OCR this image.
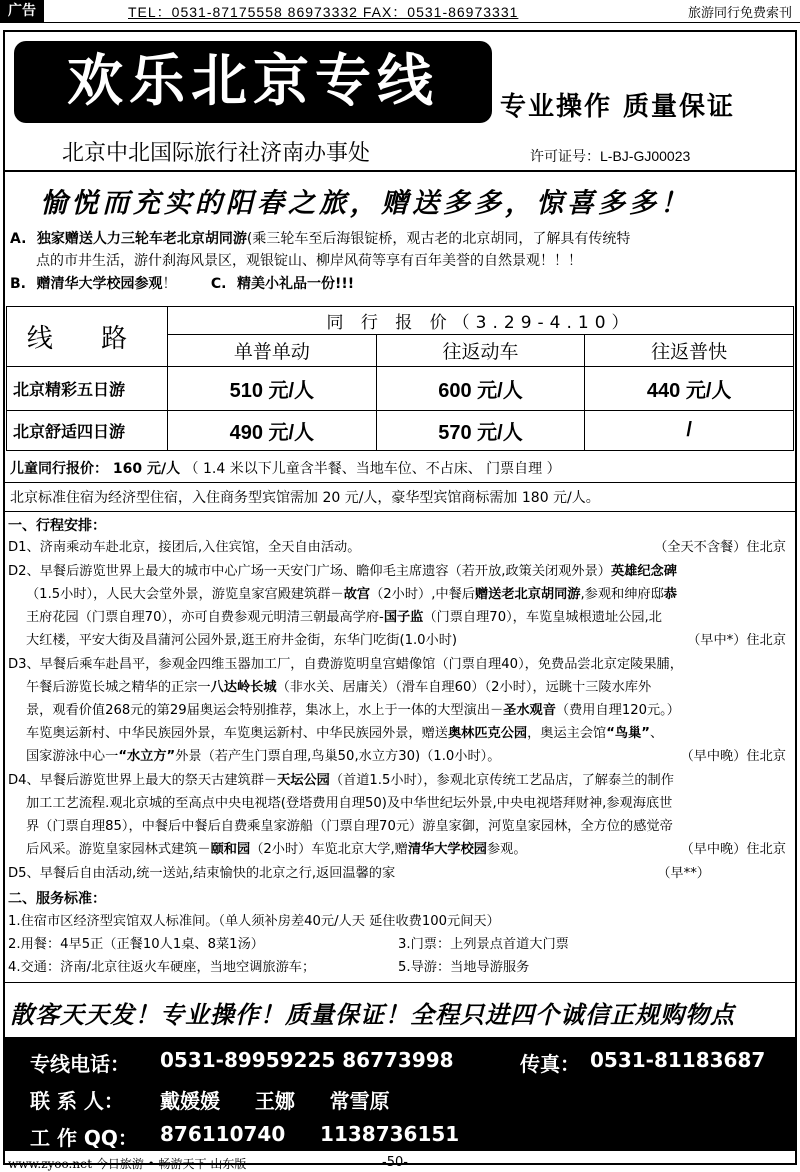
广告	TEL：0531-87175558 86973332 FAX：0531-86973331	旅游同行免费索刊
欢乐北京专线	专业操作 质量保证
北京中北国际旅行社济南办事处	许可证号：L-BJ-GJ00023
愉悦而充实的阳春之旅，赠送多多，惊喜多多！
A. 独家赠送人力三轮车老北京胡同游(乘三轮车至后海银锭桥，观古老的北京胡同，了解具有传统特
点的市井生活，游什刹海风景区，观银锭山、柳岸风荷等享有百年美誉的自然景观！！！
B. 赠清华大学校园参观！ C. 精美小礼品一份!!!
线 路	同 行 报 价（3.29-4.10）		
	单普单动	往返动车	往返普快
北京精彩五日游	510 元/人	600 元/人	440 元/人
北京舒适四日游	490 元/人	570 元/人	/
儿童同行报价： 160 元/人 （ 1.4 米以下儿童含半餐、当地车位、不占床、 门票自理 ）
北京标准住宿为经济型住宿，入住商务型宾馆需加 20 元/人，豪华型宾馆商标需加 180 元/人。
一、行程安排：
D1、济南乘动车赴北京，接团后,入住宾馆，全天自由活动。	（全天不含餐）住北京
D2、早餐后游览世界上最大的城市中心广场一天安门广场、瞻仰毛主席遗容（若开放,政策关闭观外景）英雄纪念碑
（1.5小时），人民大会堂外景，游览皇家宫殿建筑群－故宫（2小时）,中餐后赠送老北京胡同游,参观和绅府邸恭
王府花园（门票自理70），亦可自费参观元明清三朝最高学府-国子监（门票自理70），车览皇城根遗址公园,北
大红楼，平安大街及昌蒲河公园外景,逛王府井金街，东华门吃街(1.0小时)	（早中*）住北京
D3、早餐后乘车赴昌平，参观金四维玉器加工厂，自费游览明皇宫蜡像馆（门票自理40），免费品尝北京定陵果脯，
午餐后游览长城之精华的正宗一八达岭长城（非水关、居庸关）（滑车自理60）（2小时），远眺十三陵水库外
景，观看价值268元的第29届奥运会特别推荐，集冰上，水上于一体的大型演出－圣水观音（费用自理120元。）
车览奥运新村、中华民族园外景，车览奥运新村、中华民族园外景，赠送奥林匹克公园，奥运主会馆“鸟巢”、
国家游泳中心一“水立方”外景（若产生门票自理,鸟巢50,水立方30)（1.0小时）。	（早中晚）住北京
D4、早餐后游览世界上最大的祭天古建筑群－天坛公园（首道1.5小时），参观北京传统工艺品店，了解泰兰的制作
加工工艺流程.观北京城的至高点中央电视塔(登塔费用自理50)及中华世纪坛外景,中央电视塔拜财神,参观海底世
界（门票自理85），中餐后中餐后自费乘皇家游船（门票自理70元）游皇家御，河览皇家园林，全方位的感觉帝
后风采。游览皇家园林式建筑－颐和园（2小时）车览北京大学,赠清华大学校园参观。	（早中晚）住北京
D5、早餐后自由活动,统一送站,结束愉快的北京之行,返回温馨的家	（早**）
二、服务标准：
1.住宿市区经济型宾馆双人标准间。（单人须补房差40元/人天 延住收费100元间天）
2.用餐：4早5正（正餐10人1桌、8菜1汤）	3.门票：上列景点首道大门票
4.交通：济南/北京往返火车硬座，当地空调旅游车；	5.导游：当地导游服务
散客天天发！专业操作！质量保证！全程只进四个诚信正规购物点
专线电话： 0531-89959225 86773998	传真： 0531-81183687
联 系 人： 戴媛媛     王娜     常雪原
工 作 QQ： 876110740     1138736151
www.zyoo.net 今日旅游 • 畅游天下 山东版	-50-
